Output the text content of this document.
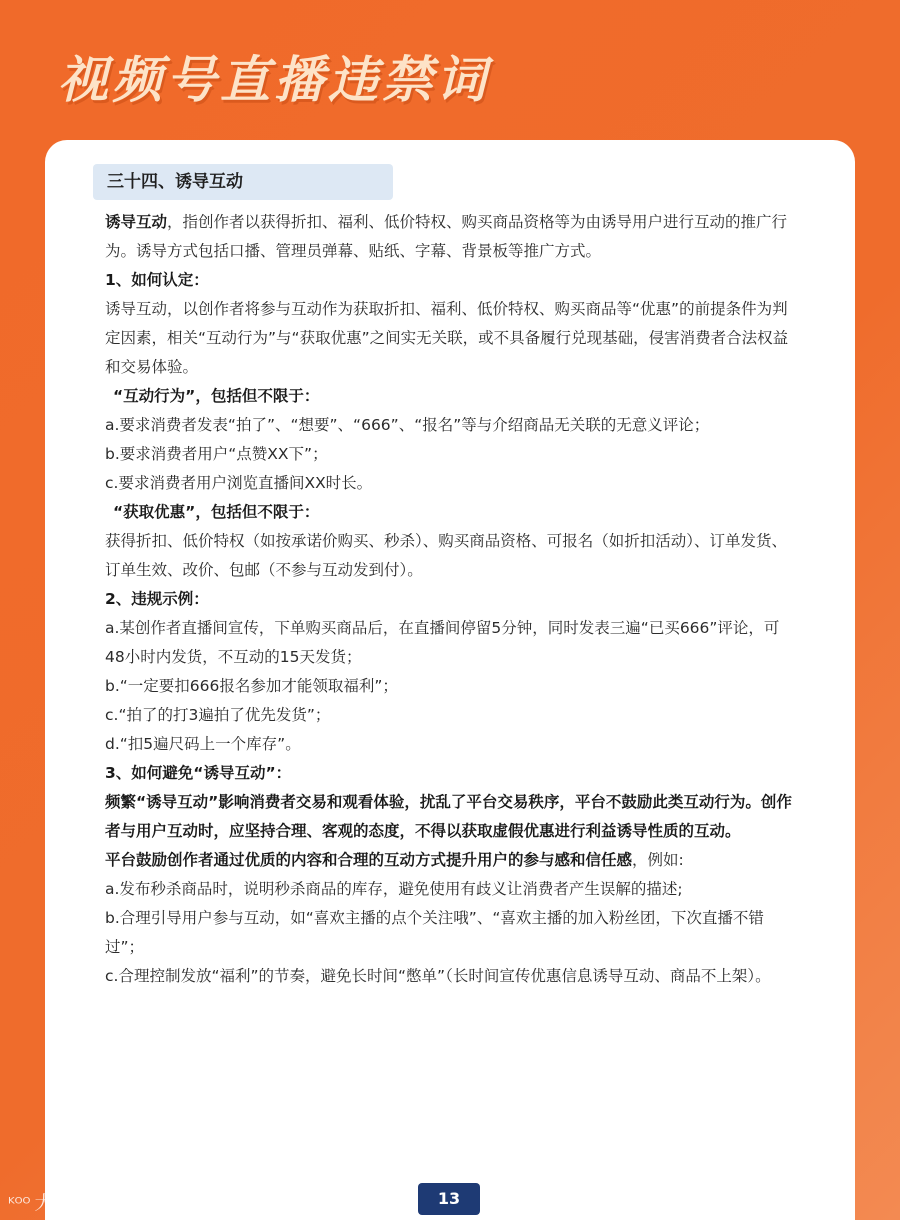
视频号直播违禁词
三十四、诱导互动

诱导互动，指创作者以获得折扣、福利、低价特权、购买商品资格等为由诱导用户进行互动的推广行为。诱导方式包括口播、管理员弹幕、贴纸、字幕、背景板等推广方式。

1、如何认定：

诱导互动，以创作者将参与互动作为获取折扣、福利、低价特权、购买商品等“优惠”的前提条件为判定因素，相关“互动行为”与“获取优惠”之间实无关联，或不具备履行兑现基础，侵害消费者合法权益和交易体验。

“互动行为”，包括但不限于：

a.要求消费者发表“拍了”、“想要”、“666”、“报名”等与介绍商品无关联的无意义评论；

b.要求消费者用户“点赞XX下”；

c.要求消费者用户浏览直播间XX时长。

“获取优惠”，包括但不限于：

获得折扣、低价特权（如按承诺价购买、秒杀）、购买商品资格、可报名（如折扣活动）、订单发货、订单生效、改价、包邮（不参与互动发到付）。

2、违规示例：

a.某创作者直播间宣传，下单购买商品后，在直播间停留5分钟，同时发表三遍“已买666”评论，可48小时内发货，不互动的15天发货；

b.“一定要扣666报名参加才能领取福利”；

c.“拍了的打3遍拍了优先发货”；

d.“扣5遍尺码上一个库存”。

3、如何避免“诱导互动”：

频繁“诱导互动”影响消费者交易和观看体验，扰乱了平台交易秩序，平台不鼓励此类互动行为。创作者与用户互动时，应坚持合理、客观的态度，不得以获取虚假优惠进行利益诱导性质的互动。

平台鼓励创作者通过优质的内容和合理的互动方式提升用户的参与感和信任感，例如:

a.发布秒杀商品时，说明秒杀商品的库存，避免使用有歧义让消费者产生误解的描述;

b.合理引导用户参与互动，如“喜欢主播的点个关注哦”、“喜欢主播的加入粉丝团，下次直播不错过”；

c.合理控制发放“福利”的节奏，避免长时间“憋单”（长时间宣传优惠信息诱导互动、商品不上架）。

13
ᴷᴼᴼ 大数跨境
